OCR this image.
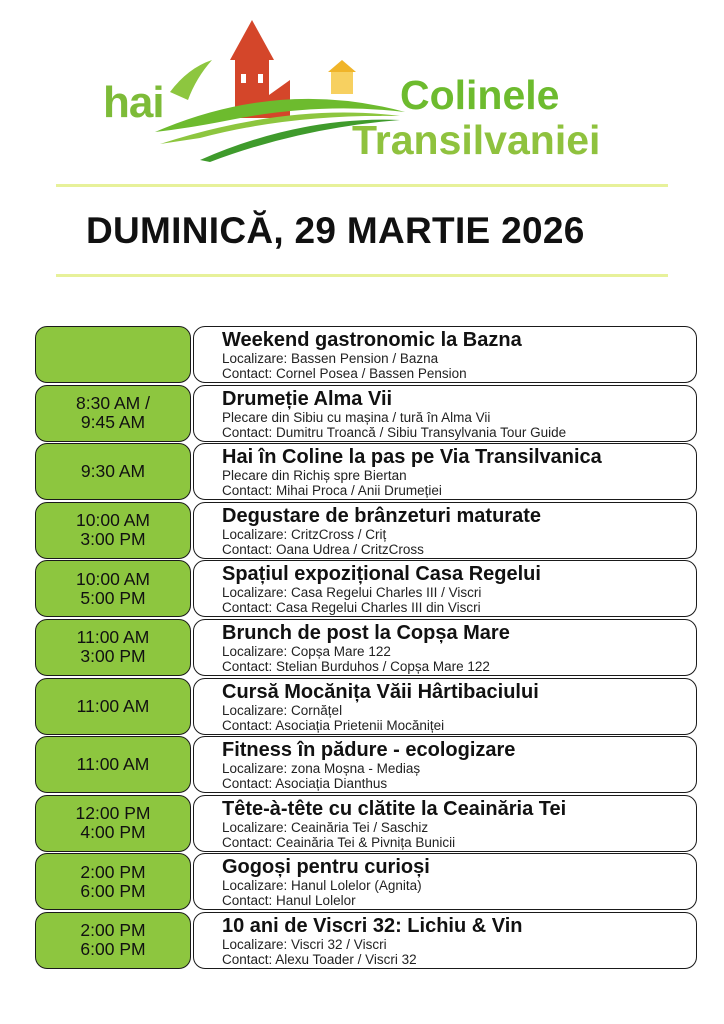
hai	Colinele
Transilvaniei
DUMINICĂ, 29 MARTIE 2026
Weekend gastronomic la Bazna
Localizare: Bassen Pension / Bazna
Contact: Cornel Posea / Bassen Pension
8:30 AM /
9:45 AM
Drumeție Alma Vii
Plecare din Sibiu cu mașina / tură în Alma Vii
Contact: Dumitru Troancă / Sibiu Transylvania Tour Guide
9:30 AM
Hai în Coline la pas pe Via Transilvanica
Plecare din Richiș spre Biertan
Contact: Mihai Proca / Anii Drumeției
10:00 AM
3:00 PM
Degustare de brânzeturi maturate
Localizare: CritzCross / Criț
Contact: Oana Udrea / CritzCross
10:00 AM
5:00 PM
Spațiul expozițional Casa Regelui
Localizare: Casa Regelui Charles III / Viscri
Contact: Casa Regelui Charles III din Viscri
11:00 AM
3:00 PM
Brunch de post la Copșa Mare
Localizare: Copșa Mare 122
Contact: Stelian Burduhos / Copșa Mare 122
11:00 AM
Cursă Mocănița Văii Hârtibaciului
Localizare: Cornățel
Contact: Asociația Prietenii Mocăniței
11:00 AM
Fitness în pădure - ecologizare
Localizare: zona Moșna - Mediaș
Contact: Asociația Dianthus
12:00 PM
4:00 PM
Tête-à-tête cu clătite la Ceainăria Tei
Localizare: Ceainăria Tei / Saschiz
Contact: Ceainăria Tei & Pivnița Bunicii
2:00 PM
6:00 PM
Gogoși pentru curioși
Localizare: Hanul Lolelor (Agnita)
Contact: Hanul Lolelor
2:00 PM
6:00 PM
10 ani de Viscri 32: Lichiu & Vin
Localizare: Viscri 32 / Viscri
Contact: Alexu Toader / Viscri 32
